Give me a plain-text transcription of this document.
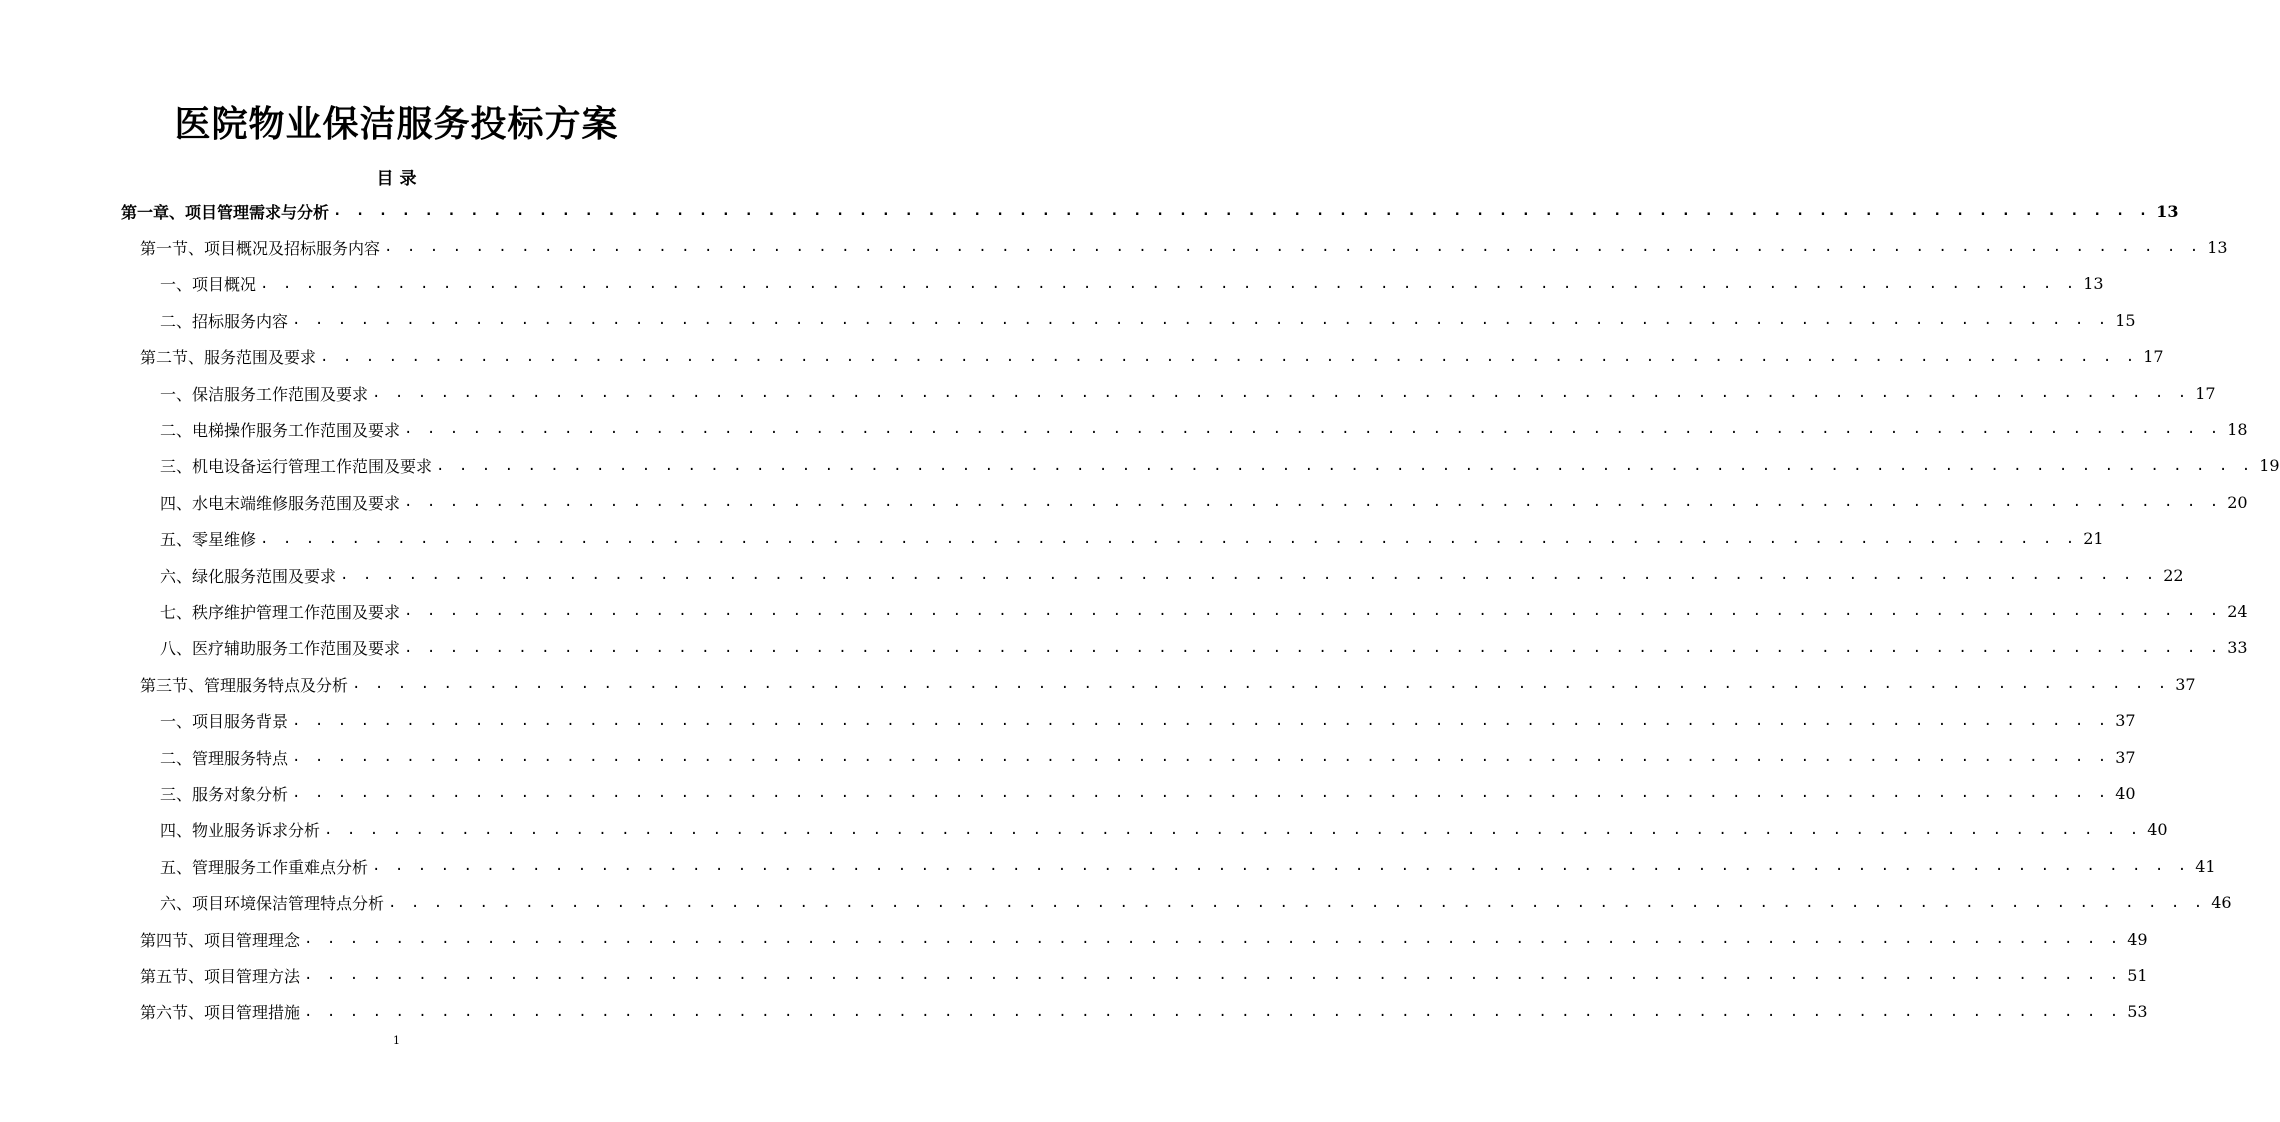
医院物业保洁服务投标方案
目 录
第一章、项目管理需求与分析 . . . . . . . . . . . . . . . . . . . . . . . . . . . . . . . . . . . . . . . . . . . . . . . . . . . . . . . . . . . . . . . . . . . . . . . . . . . . . . . . 13
第一节、项目概况及招标服务内容 . . . . . . . . . . . . . . . . . . . . . . . . . . . . . . . . . . . . . . . . . . . . . . . . . . . . . . . . . . . . . . . . . . . . . . . . . . . . . . . . 13
一、项目概况 . . . . . . . . . . . . . . . . . . . . . . . . . . . . . . . . . . . . . . . . . . . . . . . . . . . . . . . . . . . . . . . . . . . . . . . . . . . . . . . . 13
二、招标服务内容 . . . . . . . . . . . . . . . . . . . . . . . . . . . . . . . . . . . . . . . . . . . . . . . . . . . . . . . . . . . . . . . . . . . . . . . . . . . . . . . . 15
第二节、服务范围及要求 . . . . . . . . . . . . . . . . . . . . . . . . . . . . . . . . . . . . . . . . . . . . . . . . . . . . . . . . . . . . . . . . . . . . . . . . . . . . . . . . 17
一、保洁服务工作范围及要求 . . . . . . . . . . . . . . . . . . . . . . . . . . . . . . . . . . . . . . . . . . . . . . . . . . . . . . . . . . . . . . . . . . . . . . . . . . . . . . . . 17
二、电梯操作服务工作范围及要求 . . . . . . . . . . . . . . . . . . . . . . . . . . . . . . . . . . . . . . . . . . . . . . . . . . . . . . . . . . . . . . . . . . . . . . . . . . . . . . . . 18
三、机电设备运行管理工作范围及要求 . . . . . . . . . . . . . . . . . . . . . . . . . . . . . . . . . . . . . . . . . . . . . . . . . . . . . . . . . . . . . . . . . . . . . . . . . . . . . . . . 19
四、水电末端维修服务范围及要求 . . . . . . . . . . . . . . . . . . . . . . . . . . . . . . . . . . . . . . . . . . . . . . . . . . . . . . . . . . . . . . . . . . . . . . . . . . . . . . . . 20
五、零星维修 . . . . . . . . . . . . . . . . . . . . . . . . . . . . . . . . . . . . . . . . . . . . . . . . . . . . . . . . . . . . . . . . . . . . . . . . . . . . . . . . 21
六、绿化服务范围及要求 . . . . . . . . . . . . . . . . . . . . . . . . . . . . . . . . . . . . . . . . . . . . . . . . . . . . . . . . . . . . . . . . . . . . . . . . . . . . . . . . 22
七、秩序维护管理工作范围及要求 . . . . . . . . . . . . . . . . . . . . . . . . . . . . . . . . . . . . . . . . . . . . . . . . . . . . . . . . . . . . . . . . . . . . . . . . . . . . . . . . 24
八、医疗辅助服务工作范围及要求 . . . . . . . . . . . . . . . . . . . . . . . . . . . . . . . . . . . . . . . . . . . . . . . . . . . . . . . . . . . . . . . . . . . . . . . . . . . . . . . . 33
第三节、管理服务特点及分析 . . . . . . . . . . . . . . . . . . . . . . . . . . . . . . . . . . . . . . . . . . . . . . . . . . . . . . . . . . . . . . . . . . . . . . . . . . . . . . . . 37
一、项目服务背景 . . . . . . . . . . . . . . . . . . . . . . . . . . . . . . . . . . . . . . . . . . . . . . . . . . . . . . . . . . . . . . . . . . . . . . . . . . . . . . . . 37
二、管理服务特点 . . . . . . . . . . . . . . . . . . . . . . . . . . . . . . . . . . . . . . . . . . . . . . . . . . . . . . . . . . . . . . . . . . . . . . . . . . . . . . . . 37
三、服务对象分析 . . . . . . . . . . . . . . . . . . . . . . . . . . . . . . . . . . . . . . . . . . . . . . . . . . . . . . . . . . . . . . . . . . . . . . . . . . . . . . . . 40
四、物业服务诉求分析 . . . . . . . . . . . . . . . . . . . . . . . . . . . . . . . . . . . . . . . . . . . . . . . . . . . . . . . . . . . . . . . . . . . . . . . . . . . . . . . . 40
五、管理服务工作重难点分析 . . . . . . . . . . . . . . . . . . . . . . . . . . . . . . . . . . . . . . . . . . . . . . . . . . . . . . . . . . . . . . . . . . . . . . . . . . . . . . . . 41
六、项目环境保洁管理特点分析 . . . . . . . . . . . . . . . . . . . . . . . . . . . . . . . . . . . . . . . . . . . . . . . . . . . . . . . . . . . . . . . . . . . . . . . . . . . . . . . . 46
第四节、项目管理理念 . . . . . . . . . . . . . . . . . . . . . . . . . . . . . . . . . . . . . . . . . . . . . . . . . . . . . . . . . . . . . . . . . . . . . . . . . . . . . . . . 49
第五节、项目管理方法 . . . . . . . . . . . . . . . . . . . . . . . . . . . . . . . . . . . . . . . . . . . . . . . . . . . . . . . . . . . . . . . . . . . . . . . . . . . . . . . . 51
第六节、项目管理措施 . . . . . . . . . . . . . . . . . . . . . . . . . . . . . . . . . . . . . . . . . . . . . . . . . . . . . . . . . . . . . . . . . . . . . . . . . . . . . . . . 53
1
